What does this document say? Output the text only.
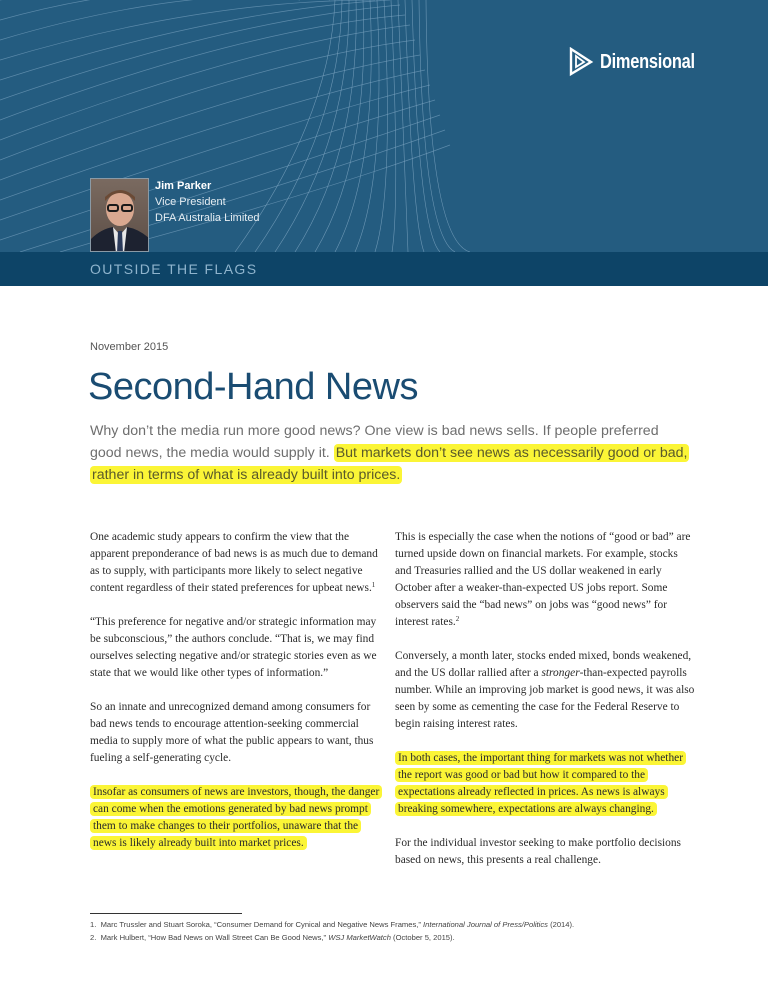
Dimensional
Jim Parker
Vice President
DFA Australia Limited
OUTSIDE THE FLAGS
November 2015
Second-Hand News
Why don’t the media run more good news? One view is bad news sells. If people preferred good news, the media would supply it. But markets don’t see news as necessarily good or bad, rather in terms of what is already built into prices.

One academic study appears to confirm the view that the apparent preponderance of bad news is as much due to demand as to supply, with participants more likely to select negative content regardless of their stated preferences for upbeat news.$^1$

“This preference for negative and/or strategic information may be subconscious,” the authors conclude. “That is, we may find ourselves selecting negative and/or strategic stories even as we state that we would like other types of information.”

So an innate and unrecognized demand among consumers for bad news tends to encourage attention-seeking commercial media to supply more of what the public appears to want, thus fueling a self-generating cycle.

Insofar as consumers of news are investors, though, the danger can come when the emotions generated by bad news prompt them to make changes to their portfolios, unaware that the news is likely already built into market prices.

This is especially the case when the notions of “good or bad” are turned upside down on financial markets. For example, stocks and Treasuries rallied and the US dollar weakened in early October after a weaker-than-expected US jobs report. Some observers said the “bad news” on jobs was “good news” for interest rates.$^2$

Conversely, a month later, stocks ended mixed, bonds weakened, and the US dollar rallied after a stronger-than-expected payrolls number. While an improving job market is good news, it was also seen by some as cementing the case for the Federal Reserve to begin raising interest rates.

In both cases, the important thing for markets was not whether the report was good or bad but how it compared to the expectations already reflected in prices. As news is always breaking somewhere, expectations are always changing.

For the individual investor seeking to make portfolio decisions based on news, this presents a real challenge.

1. Marc Trussler and Stuart Soroka, “Consumer Demand for Cynical and Negative News Frames,” International Journal of Press/Politics (2014).
2. Mark Hulbert, “How Bad News on Wall Street Can Be Good News,” WSJ MarketWatch (October 5, 2015).
